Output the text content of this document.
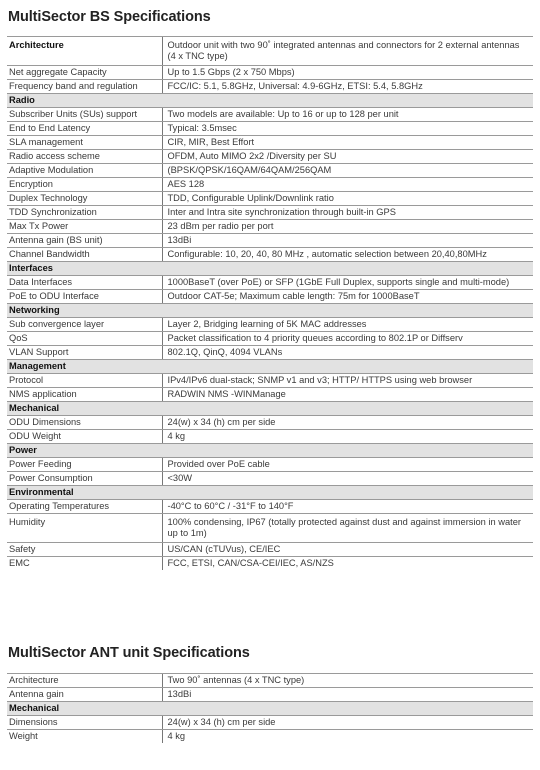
MultiSector BS Specifications
Architecture	Outdoor unit with two 90˚ integrated antennas and connectors for 2 external antennas (4 x TNC type)
Net aggregate Capacity	Up to 1.5 Gbps (2 x 750 Mbps)
Frequency band and regulation	FCC/IC: 5.1, 5.8GHz, Universal: 4.9-6GHz, ETSI: 5.4, 5.8GHz
Radio	
Subscriber Units (SUs) support	Two models are available: Up to 16 or up to 128 per unit
End to End Latency	Typical: 3.5msec
SLA management	CIR, MIR, Best Effort
Radio access scheme	OFDM, Auto MIMO 2x2 /Diversity per SU
Adaptive Modulation	(BPSK/QPSK/16QAM/64QAM/256QAM
Encryption	AES 128
Duplex Technology	TDD, Configurable Uplink/Downlink ratio
TDD Synchronization	Inter and Intra site synchronization through built-in GPS
Max Tx Power	23 dBm per radio per port
Antenna gain (BS unit)	13dBi
Channel Bandwidth	Configurable: 10, 20, 40, 80 MHz , automatic selection between 20,40,80MHz
Interfaces	
Data Interfaces	1000BaseT (over PoE) or SFP (1GbE Full Duplex, supports single and multi-mode)
PoE to ODU Interface	Outdoor CAT-5e; Maximum cable length: 75m for 1000BaseT
Networking	
Sub convergence layer	Layer 2, Bridging learning of 5K MAC addresses
QoS	Packet classification to 4 priority queues according to 802.1P or Diffserv
VLAN Support	802.1Q, QinQ, 4094 VLANs
Management	
Protocol	IPv4/IPv6 dual-stack; SNMP v1 and v3; HTTP/ HTTPS using web browser
NMS application	RADWIN NMS -WINManage
Mechanical	
ODU Dimensions	24(w) x 34 (h) cm per side
ODU Weight	4 kg
Power	
Power Feeding	Provided over PoE cable
Power Consumption	<30W
Environmental	
Operating Temperatures	-40°C to 60°C / -31°F to 140°F
Humidity	100% condensing, IP67 (totally protected against dust and against immersion in water up to 1m)
Safety	US/CAN (cTUVus), CE/IEC
EMC	FCC, ETSI, CAN/CSA-CEI/IEC, AS/NZS
MultiSector ANT unit Specifications
Architecture	Two 90˚ antennas (4 x TNC type)
Antenna gain	13dBi
Mechanical	
Dimensions	24(w) x 34 (h) cm per side
Weight	4 kg
